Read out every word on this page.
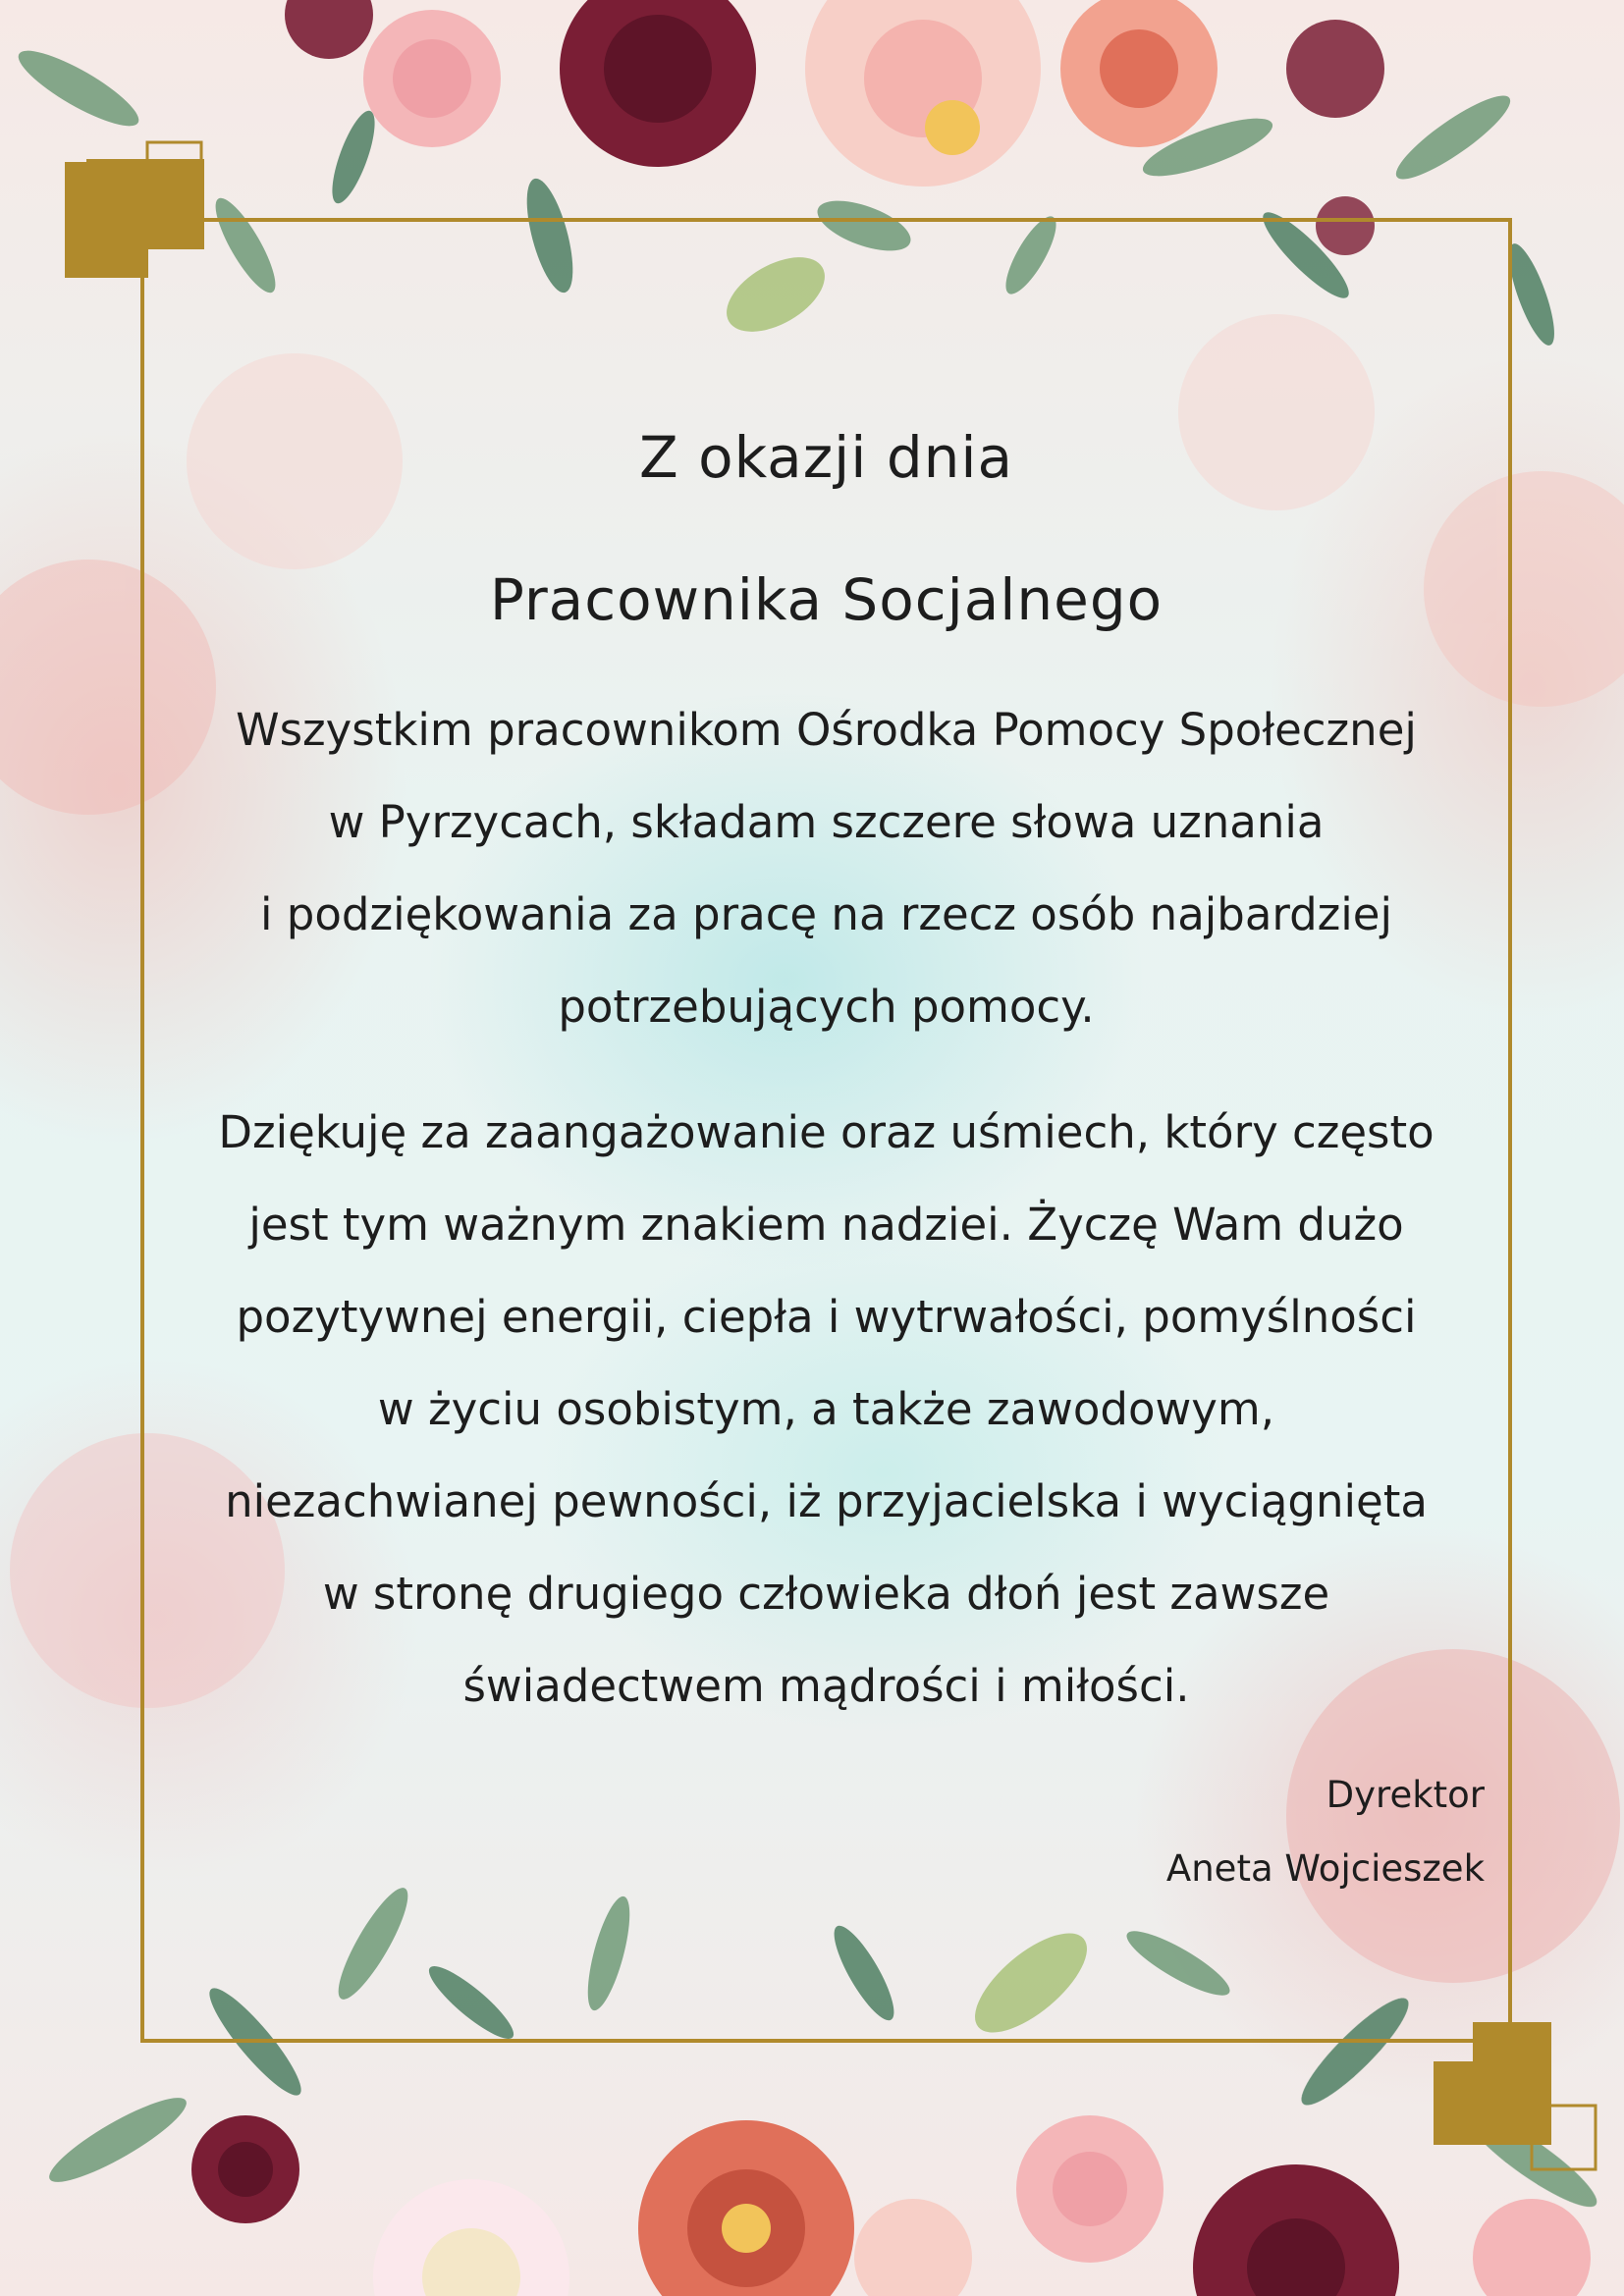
Z okazji dnia
Pracownika Socjalnego
Wszystkim pracownikom Ośrodka Pomocy Społecznej
w Pyrzycach, składam szczere słowa uznania
i podziękowania za pracę na rzecz osób najbardziej
potrzebujących pomocy.
Dziękuję za zaangażowanie oraz uśmiech, który często
jest tym ważnym znakiem nadziei. Życzę Wam dużo
pozytywnej energii, ciepła i wytrwałości, pomyślności
w życiu osobistym, a także zawodowym,
niezachwianej pewności, iż przyjacielska i wyciągnięta
w stronę drugiego człowieka dłoń jest zawsze
świadectwem mądrości i miłości.
Dyrektor
Aneta Wojcieszek
